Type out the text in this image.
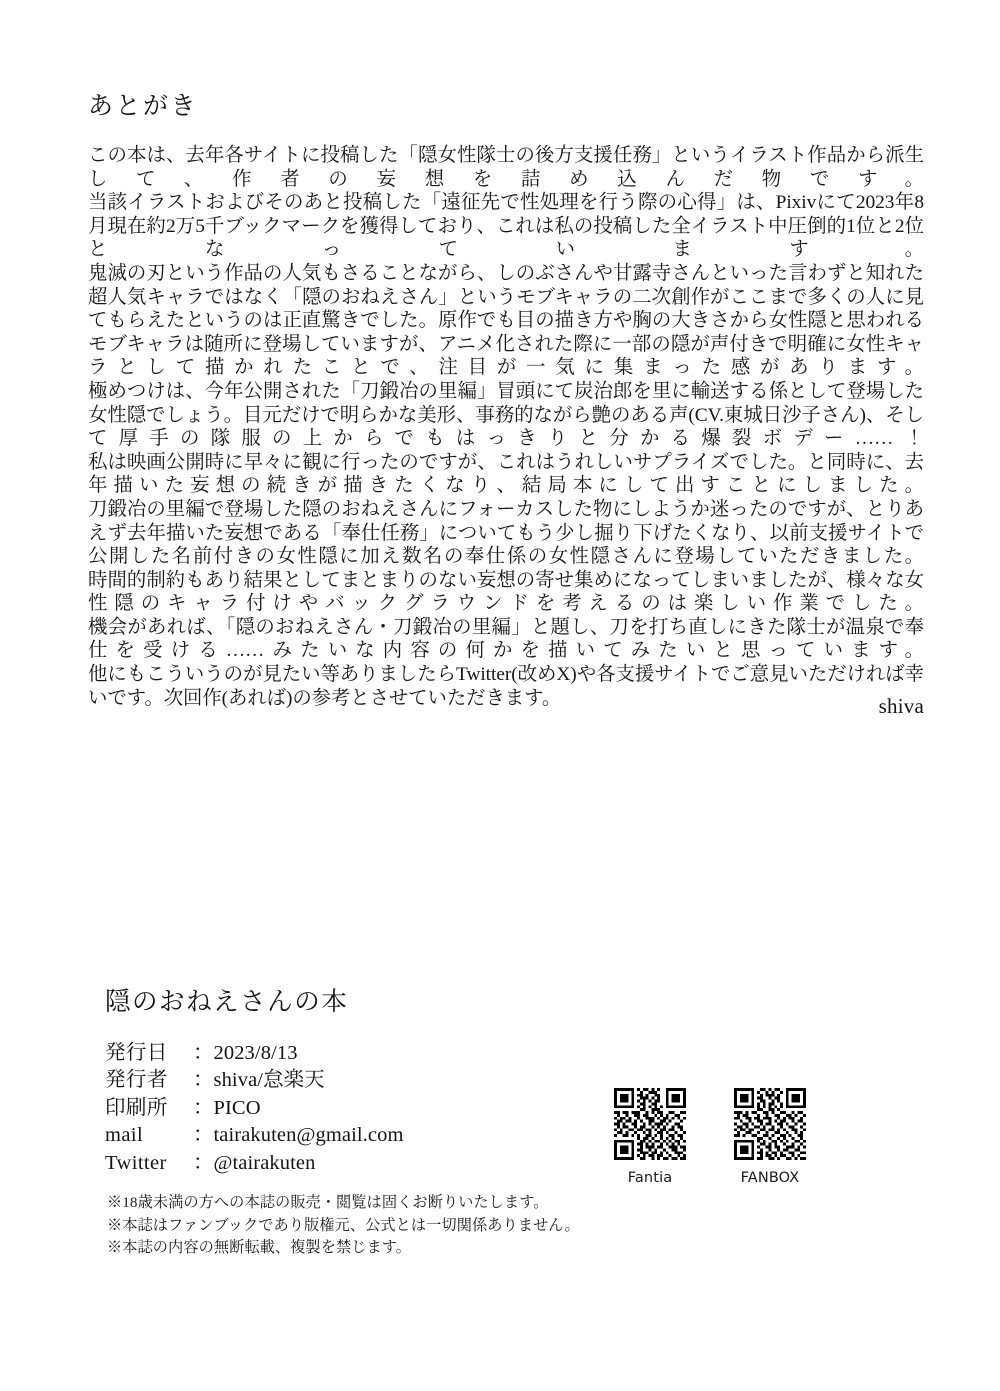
あとがき

この本は、去年各サイトに投稿した「隠女性隊士の後方支援任務」というイラスト作品から派生して、作者の妄想を詰め込んだ物です。

当該イラストおよびそのあと投稿した「遠征先で性処理を行う際の心得」は、Pixivにて2023年8月現在約2万5千ブックマークを獲得しており、これは私の投稿した全イラスト中圧倒的1位と2位となっています。

鬼滅の刃という作品の人気もさることながら、しのぶさんや甘露寺さんといった言わずと知れた超人気キャラではなく「隠のおねえさん」というモブキャラの二次創作がここまで多くの人に見てもらえたというのは正直驚きでした。原作でも目の描き方や胸の大きさから女性隠と思われるモブキャラは随所に登場していますが、アニメ化された際に一部の隠が声付きで明確に女性キャラとして描かれたことで、注目が一気に集まった感があります。

極めつけは、今年公開された「刀鍛冶の里編」冒頭にて炭治郎を里に輸送する係として登場した女性隠でしょう。目元だけで明らかな美形、事務的ながら艶のある声(CV.東城日沙子さん)、そして厚手の隊服の上からでもはっきりと分かる爆裂ボデー……！

私は映画公開時に早々に観に行ったのですが、これはうれしいサプライズでした。と同時に、去年描いた妄想の続きが描きたくなり、結局本にして出すことにしました。

刀鍛冶の里編で登場した隠のおねえさんにフォーカスした物にしようか迷ったのですが、とりあえず去年描いた妄想である「奉仕任務」についてもう少し掘り下げたくなり、以前支援サイトで公開した名前付きの女性隠に加え数名の奉仕係の女性隠さんに登場していただきました。

時間的制約もあり結果としてまとまりのない妄想の寄せ集めになってしまいましたが、様々な女性隠のキャラ付けやバックグラウンドを考えるのは楽しい作業でした。

機会があれば、「隠のおねえさん・刀鍛冶の里編」と題し、刀を打ち直しにきた隊士が温泉で奉仕を受ける……みたいな内容の何かを描いてみたいと思っています。

他にもこういうのが見たい等ありましたらTwitter(改めX)や各支援サイトでご意見いただければ幸いです。次回作(あれば)の参考とさせていただきます。	shiva
隠のおねえさんの本
発行日	：	2023/8/13
発行者	：	shiva/怠楽天
印刷所	：	PICO
mail	：	tairakuten@gmail.com
Twitter	：	@tairakuten
※18歳未満の方への本誌の販売・閲覧は固くお断りいたします。
※本誌はファンブックであり版権元、公式とは一切関係ありません。
※本誌の内容の無断転載、複製を禁じます。
Fantia	FANBOX
